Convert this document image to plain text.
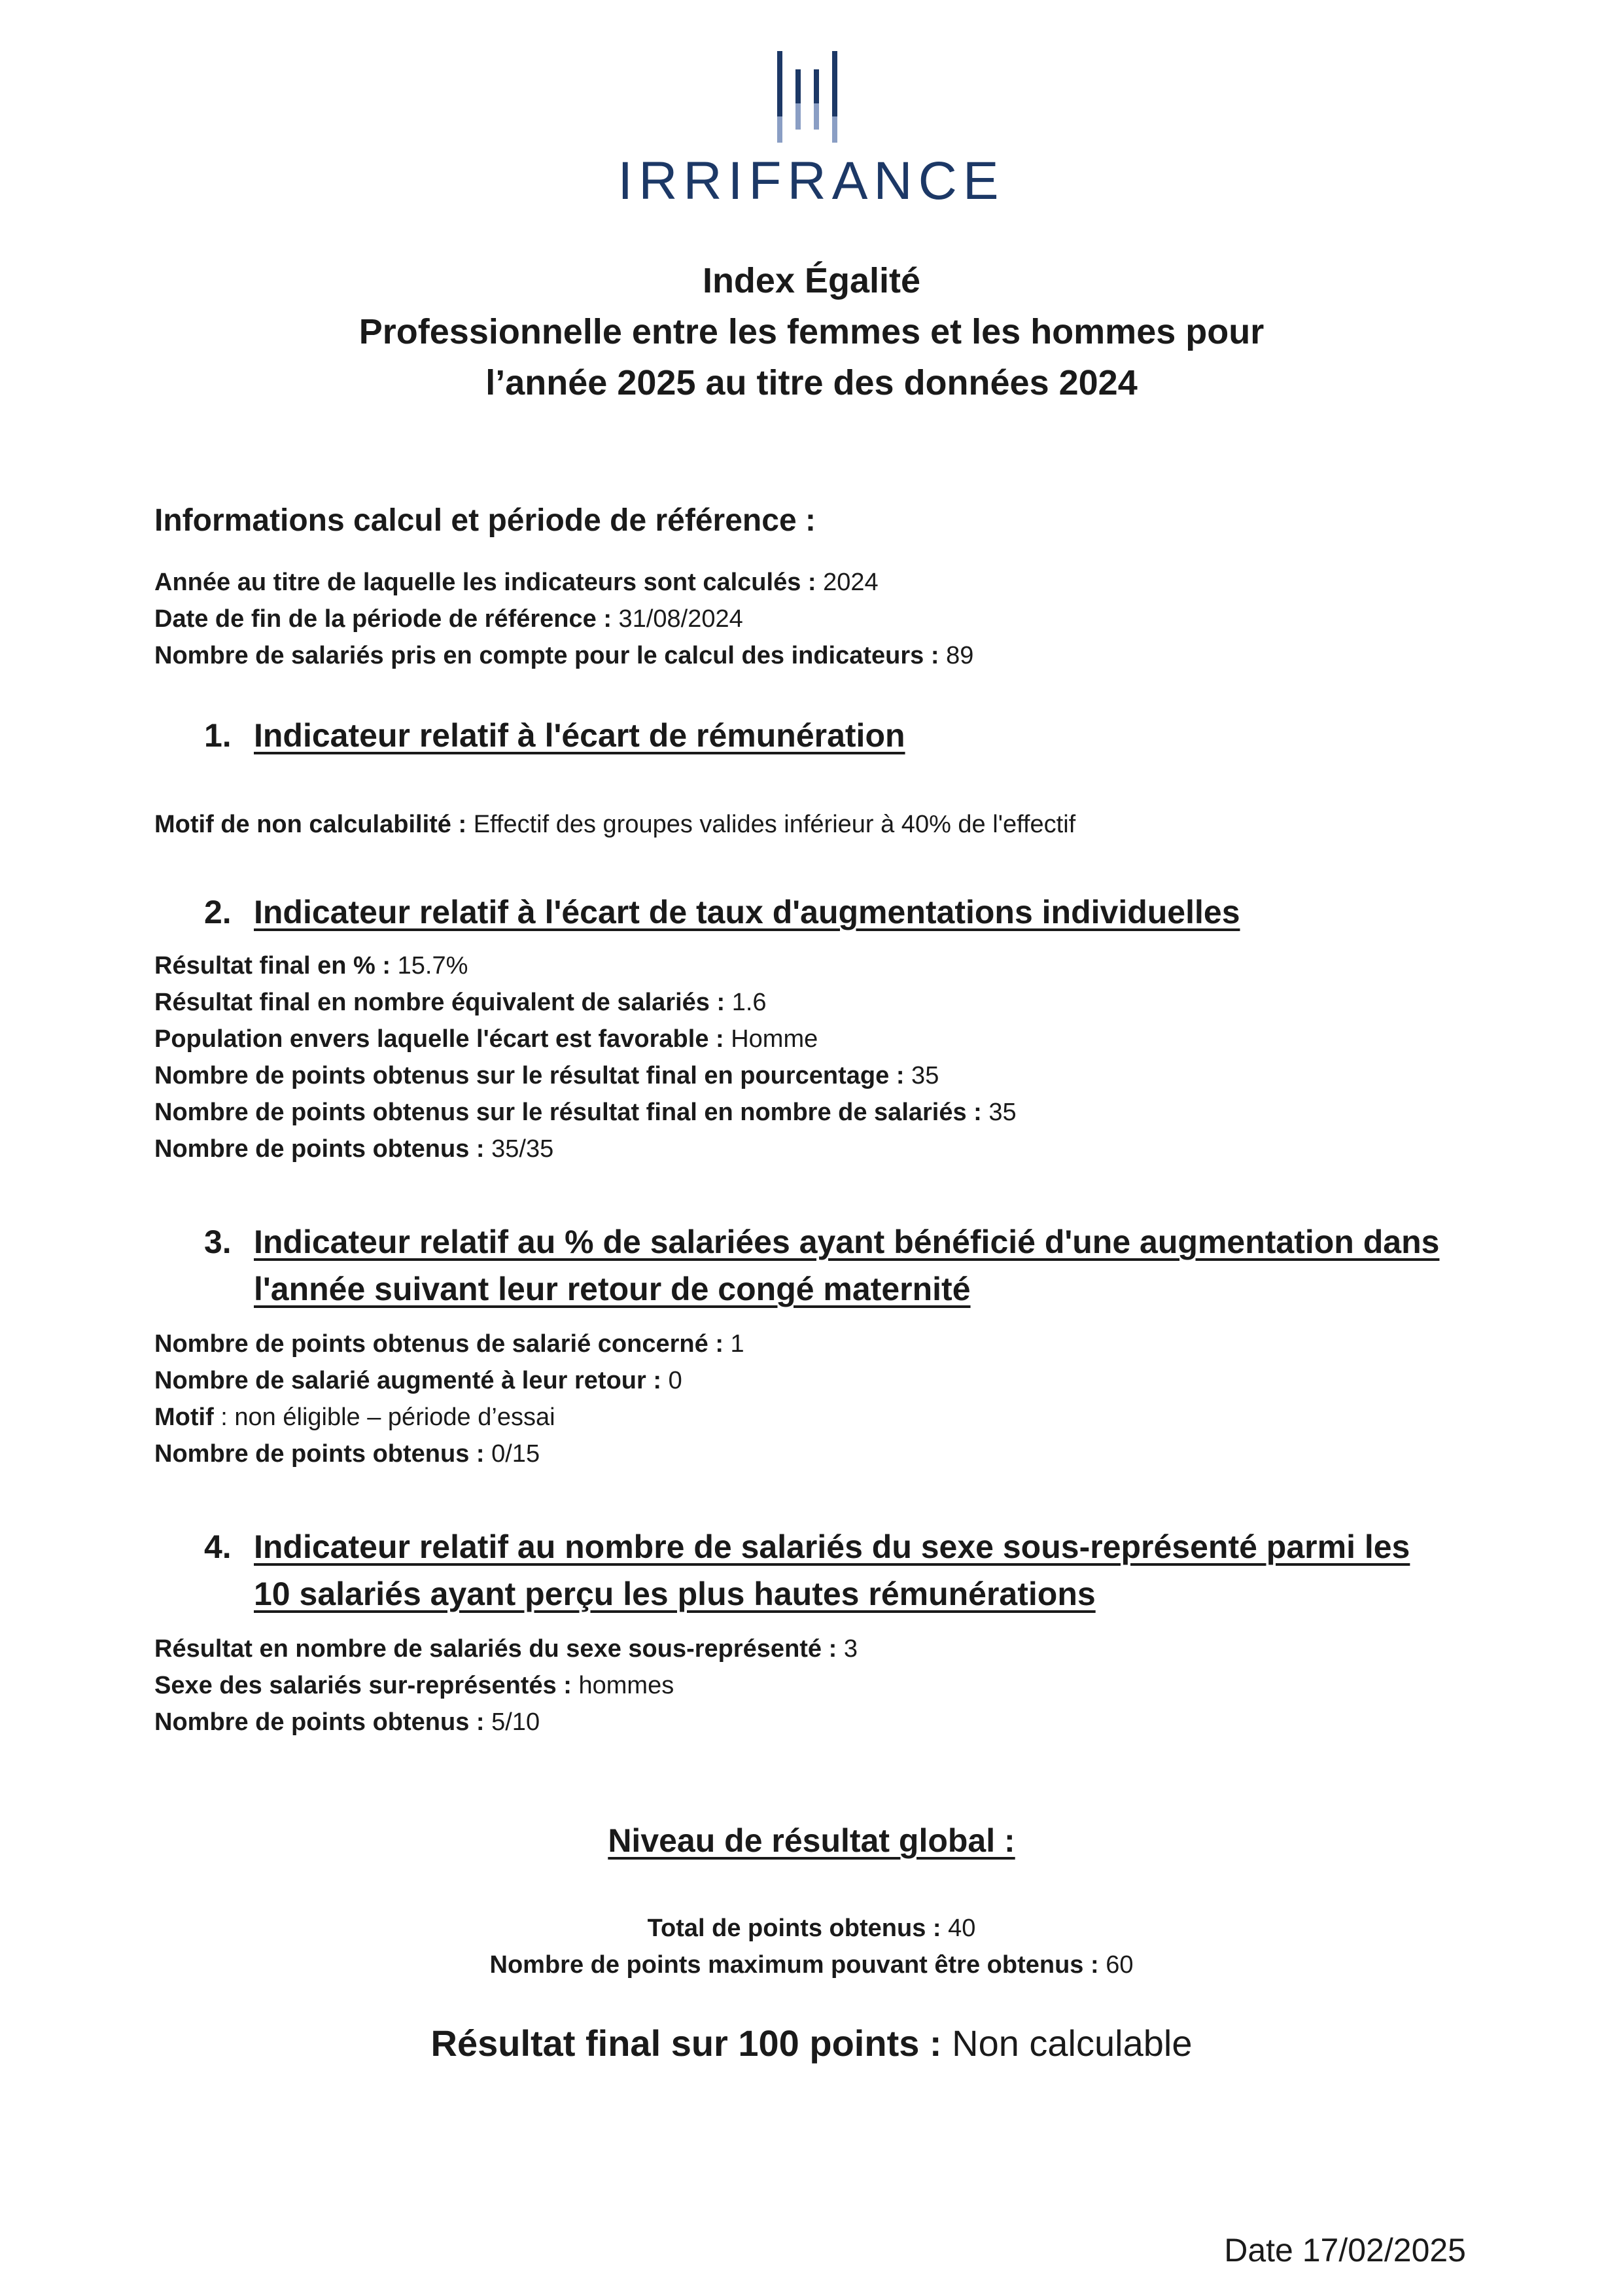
IRRIFRANCE
Index Égalité
Professionnelle entre les femmes et les hommes pour
l’année 2025 au titre des données 2024
Informations calcul et période de référence :
Année au titre de laquelle les indicateurs sont calculés : 2024
Date de fin de la période de référence : 31/08/2024
Nombre de salariés pris en compte pour le calcul des indicateurs : 89
1. Indicateur relatif à l'écart de rémunération
Motif de non calculabilité : Effectif des groupes valides inférieur à 40% de l'effectif
2. Indicateur relatif à l'écart de taux d'augmentations individuelles
Résultat final en % : 15.7%
Résultat final en nombre équivalent de salariés : 1.6
Population envers laquelle l'écart est favorable : Homme
Nombre de points obtenus sur le résultat final en pourcentage : 35
Nombre de points obtenus sur le résultat final en nombre de salariés : 35
Nombre de points obtenus : 35/35
3. Indicateur relatif au % de salariées ayant bénéficié d'une augmentation dans
l'année suivant leur retour de congé maternité
Nombre de points obtenus de salarié concerné : 1
Nombre de salarié augmenté à leur retour : 0
Motif : non éligible – période d’essai
Nombre de points obtenus : 0/15
4. Indicateur relatif au nombre de salariés du sexe sous-représenté parmi les
10 salariés ayant perçu les plus hautes rémunérations
Résultat en nombre de salariés du sexe sous-représenté : 3
Sexe des salariés sur-représentés : hommes
Nombre de points obtenus : 5/10
Niveau de résultat global :
Total de points obtenus : 40
Nombre de points maximum pouvant être obtenus : 60
Résultat final sur 100 points : Non calculable
Date 17/02/2025
